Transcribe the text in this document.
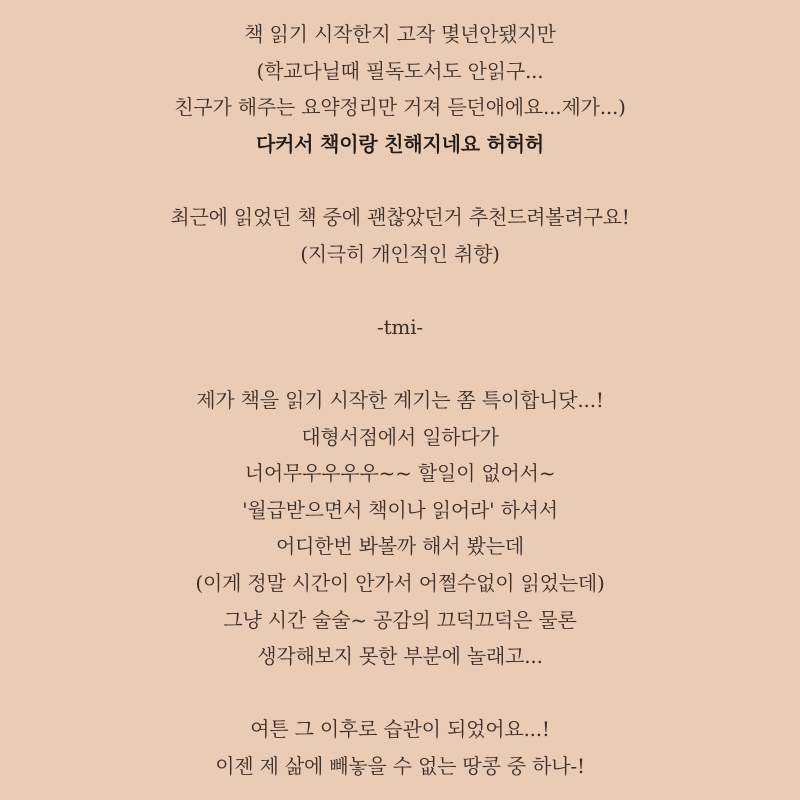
책 읽기 시작한지 고작 몇년안됐지만
(학교다닐때 필독도서도 안읽구...
친구가 해주는 요약정리만 거져 듣던애에요...제가...)
다커서 책이랑 친해지네요 허허허
최근에 읽었던 책 중에 괜찮았던거 추천드려볼려구요!
(지극히 개인적인 취향)
-tmi-
제가 책을 읽기 시작한 계기는 쫌 특이합니닷...!
대형서점에서 일하다가
너어무우우우우~~ 할일이 없어서~
'월급받으면서 책이나 읽어라' 하셔서
어디한번 봐볼까 해서 봤는데
(이게 정말 시간이 안가서 어쩔수없이 읽었는데)
그냥 시간 술술~ 공감의 끄덕끄덕은 물론
생각해보지 못한 부분에 놀래고...
여튼 그 이후로 습관이 되었어요...!
이젠 제 삶에 빼놓을 수 없는 땅콩 중 하나-!
